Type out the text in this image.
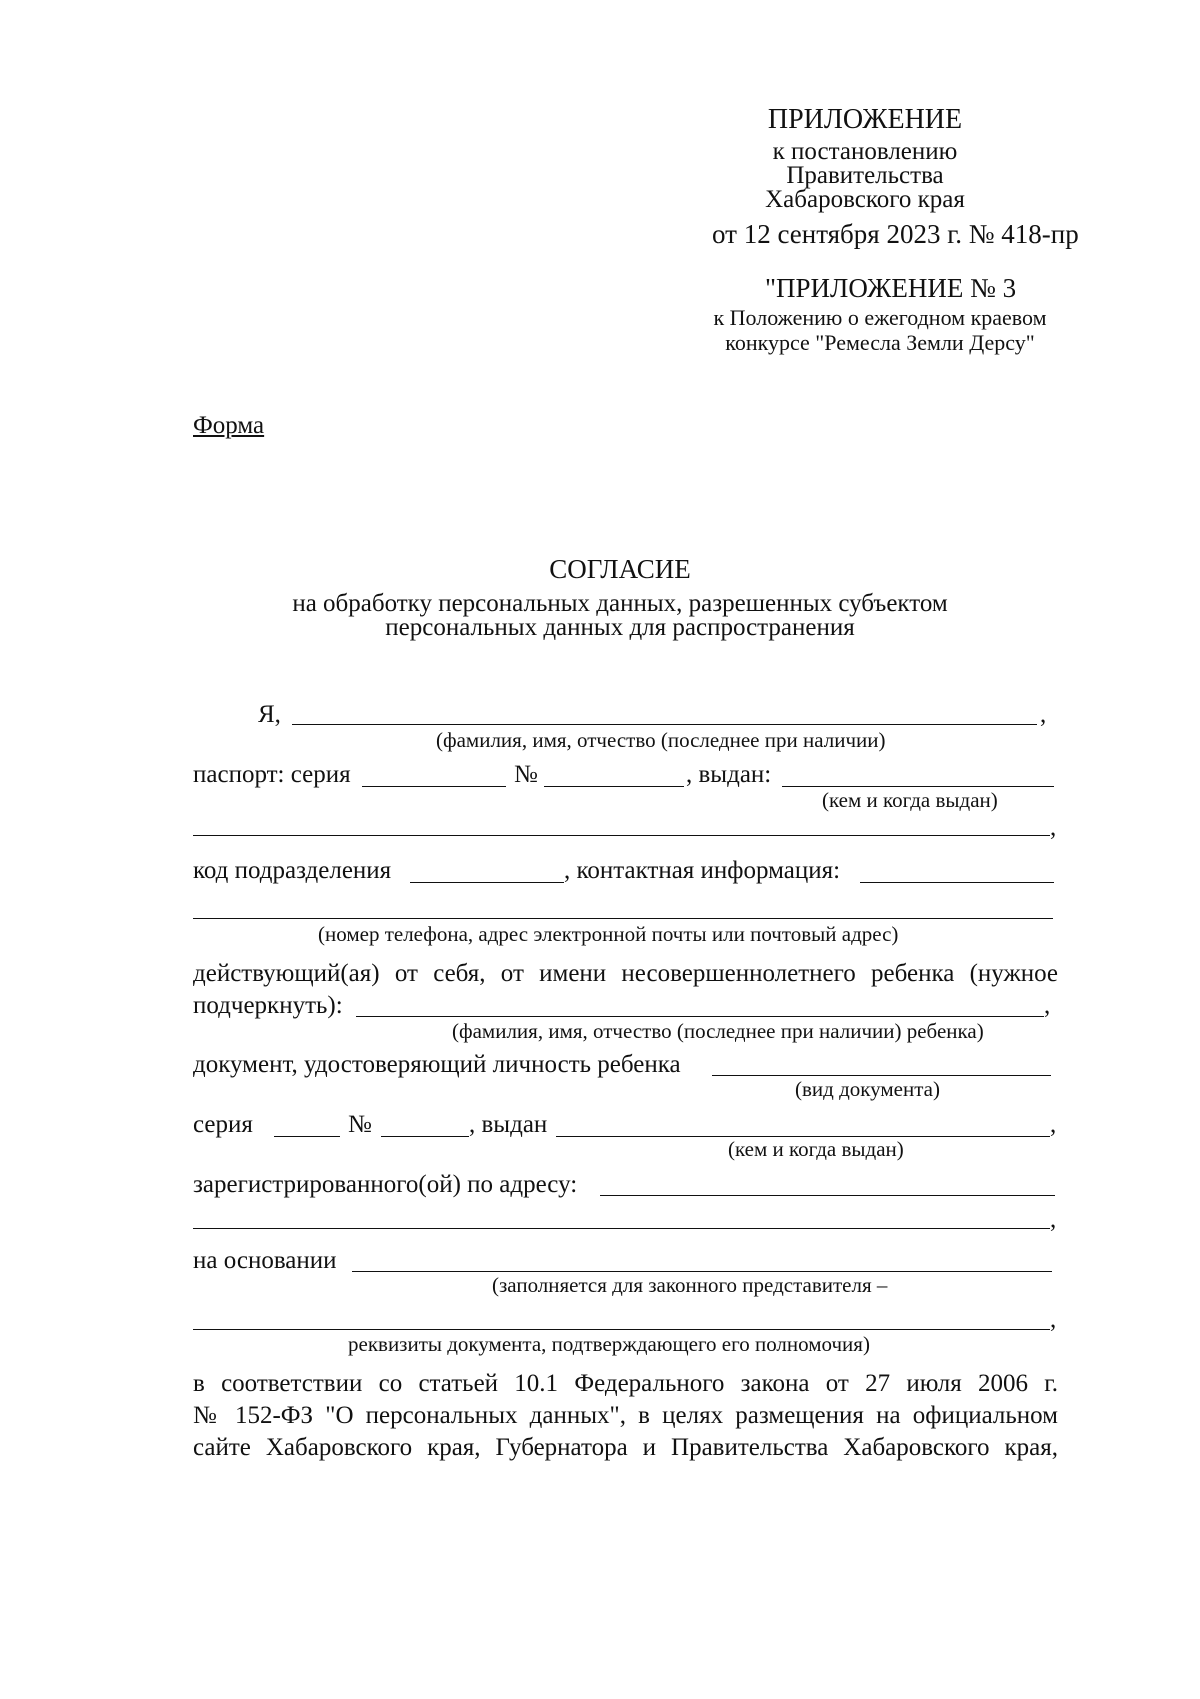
ПРИЛОЖЕНИЕ
к постановлению
Правительства
Хабаровского края
от 12 сентября 2023 г. № 418-пр
"ПРИЛОЖЕНИЕ № 3
к Положению о ежегодном краевом
конкурсе "Ремесла Земли Дерсу"
Форма
СОГЛАСИЕ
на обработку персональных данных, разрешенных субъектом
персональных данных для распространения
Я,	,
(фамилия, имя, отчество (последнее при наличии)
паспорт: серия	№	, выдан:
(кем и когда выдан)
,
код подразделения	, контактная информация:
(номер телефона, адрес электронной почты или почтовый адрес)
действующий(ая) от себя, от имени несовершеннолетнего ребенка (нужное
подчеркнуть):	,
(фамилия, имя, отчество (последнее при наличии) ребенка)
документ, удостоверяющий личность ребенка
(вид документа)
серия	№	, выдан	,
(кем и когда выдан)
зарегистрированного(ой) по адресу:
,
на основании
(заполняется для законного представителя –
,
реквизиты документа, подтверждающего его полномочия)
в соответствии со статьей 10.1 Федерального закона от 27 июля 2006 г.
№ 152-ФЗ "О персональных данных", в целях размещения на официальном
сайте Хабаровского края, Губернатора и Правительства Хабаровского края,
